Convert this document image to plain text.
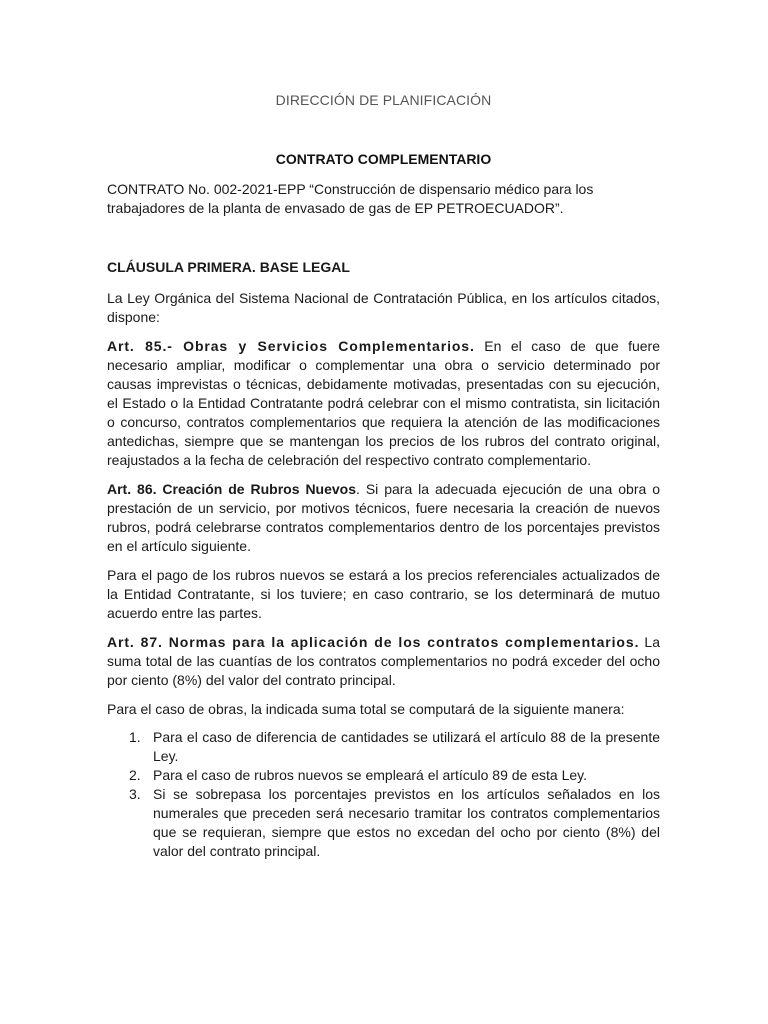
DIRECCIÓN DE PLANIFICACIÓN
CONTRATO COMPLEMENTARIO
CONTRATO No. 002-2021-EPP “Construcción de dispensario médico para los trabajadores de la planta de envasado de gas de EP PETROECUADOR”.
CLÁUSULA PRIMERA. BASE LEGAL

La Ley Orgánica del Sistema Nacional de Contratación Pública, en los artículos citados, dispone:

Art. 85.- Obras y Servicios Complementarios. En el caso de que fuere necesario ampliar, modificar o complementar una obra o servicio determinado por causas imprevistas o técnicas, debidamente motivadas, presentadas con su ejecución, el Estado o la Entidad Contratante podrá celebrar con el mismo contratista, sin licitación o concurso, contratos complementarios que requiera la atención de las modificaciones antedichas, siempre que se mantengan los precios de los rubros del contrato original, reajustados a la fecha de celebración del respectivo contrato complementario.

Art. 86. Creación de Rubros Nuevos. Si para la adecuada ejecución de una obra o prestación de un servicio, por motivos técnicos, fuere necesaria la creación de nuevos rubros, podrá celebrarse contratos complementarios dentro de los porcentajes previstos en el artículo siguiente.

Para el pago de los rubros nuevos se estará a los precios referenciales actualizados de la Entidad Contratante, si los tuviere; en caso contrario, se los determinará de mutuo acuerdo entre las partes.

Art. 87. Normas para la aplicación de los contratos complementarios. La suma total de las cuantías de los contratos complementarios no podrá exceder del ocho por ciento (8%) del valor del contrato principal.

Para el caso de obras, la indicada suma total se computará de la siguiente manera:

1. Para el caso de diferencia de cantidades se utilizará el artículo 88 de la presente Ley.
2. Para el caso de rubros nuevos se empleará el artículo 89 de esta Ley.
3. Si se sobrepasa los porcentajes previstos en los artículos señalados en los numerales que preceden será necesario tramitar los contratos complementarios que se requieran, siempre que estos no excedan del ocho por ciento (8%) del valor del contrato principal.
